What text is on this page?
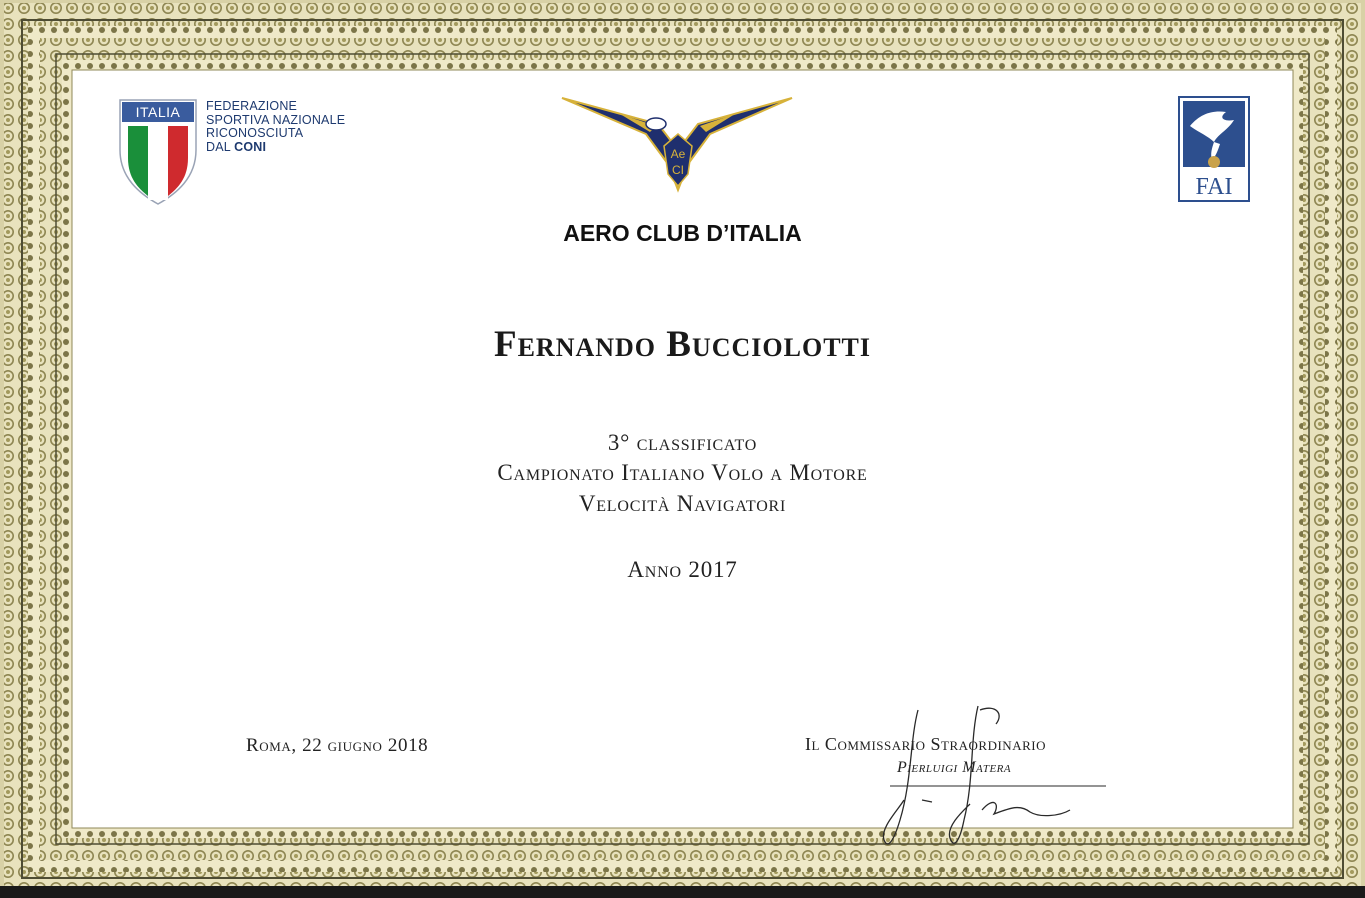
ITALIA FEDERAZIONE
SPORTIVA NAZIONALE
RICONOSCIUTA
DAL CONI
Ae
CI
FAI
AERO CLUB D’ITALIA
Fernando Bucciolotti
3° classificato
Campionato Italiano Volo a Motore
Velocità Navigatori
Anno 2017
Roma, 22 giugno 2018	Il Commissario Straordinario
Pierluigi Matera
